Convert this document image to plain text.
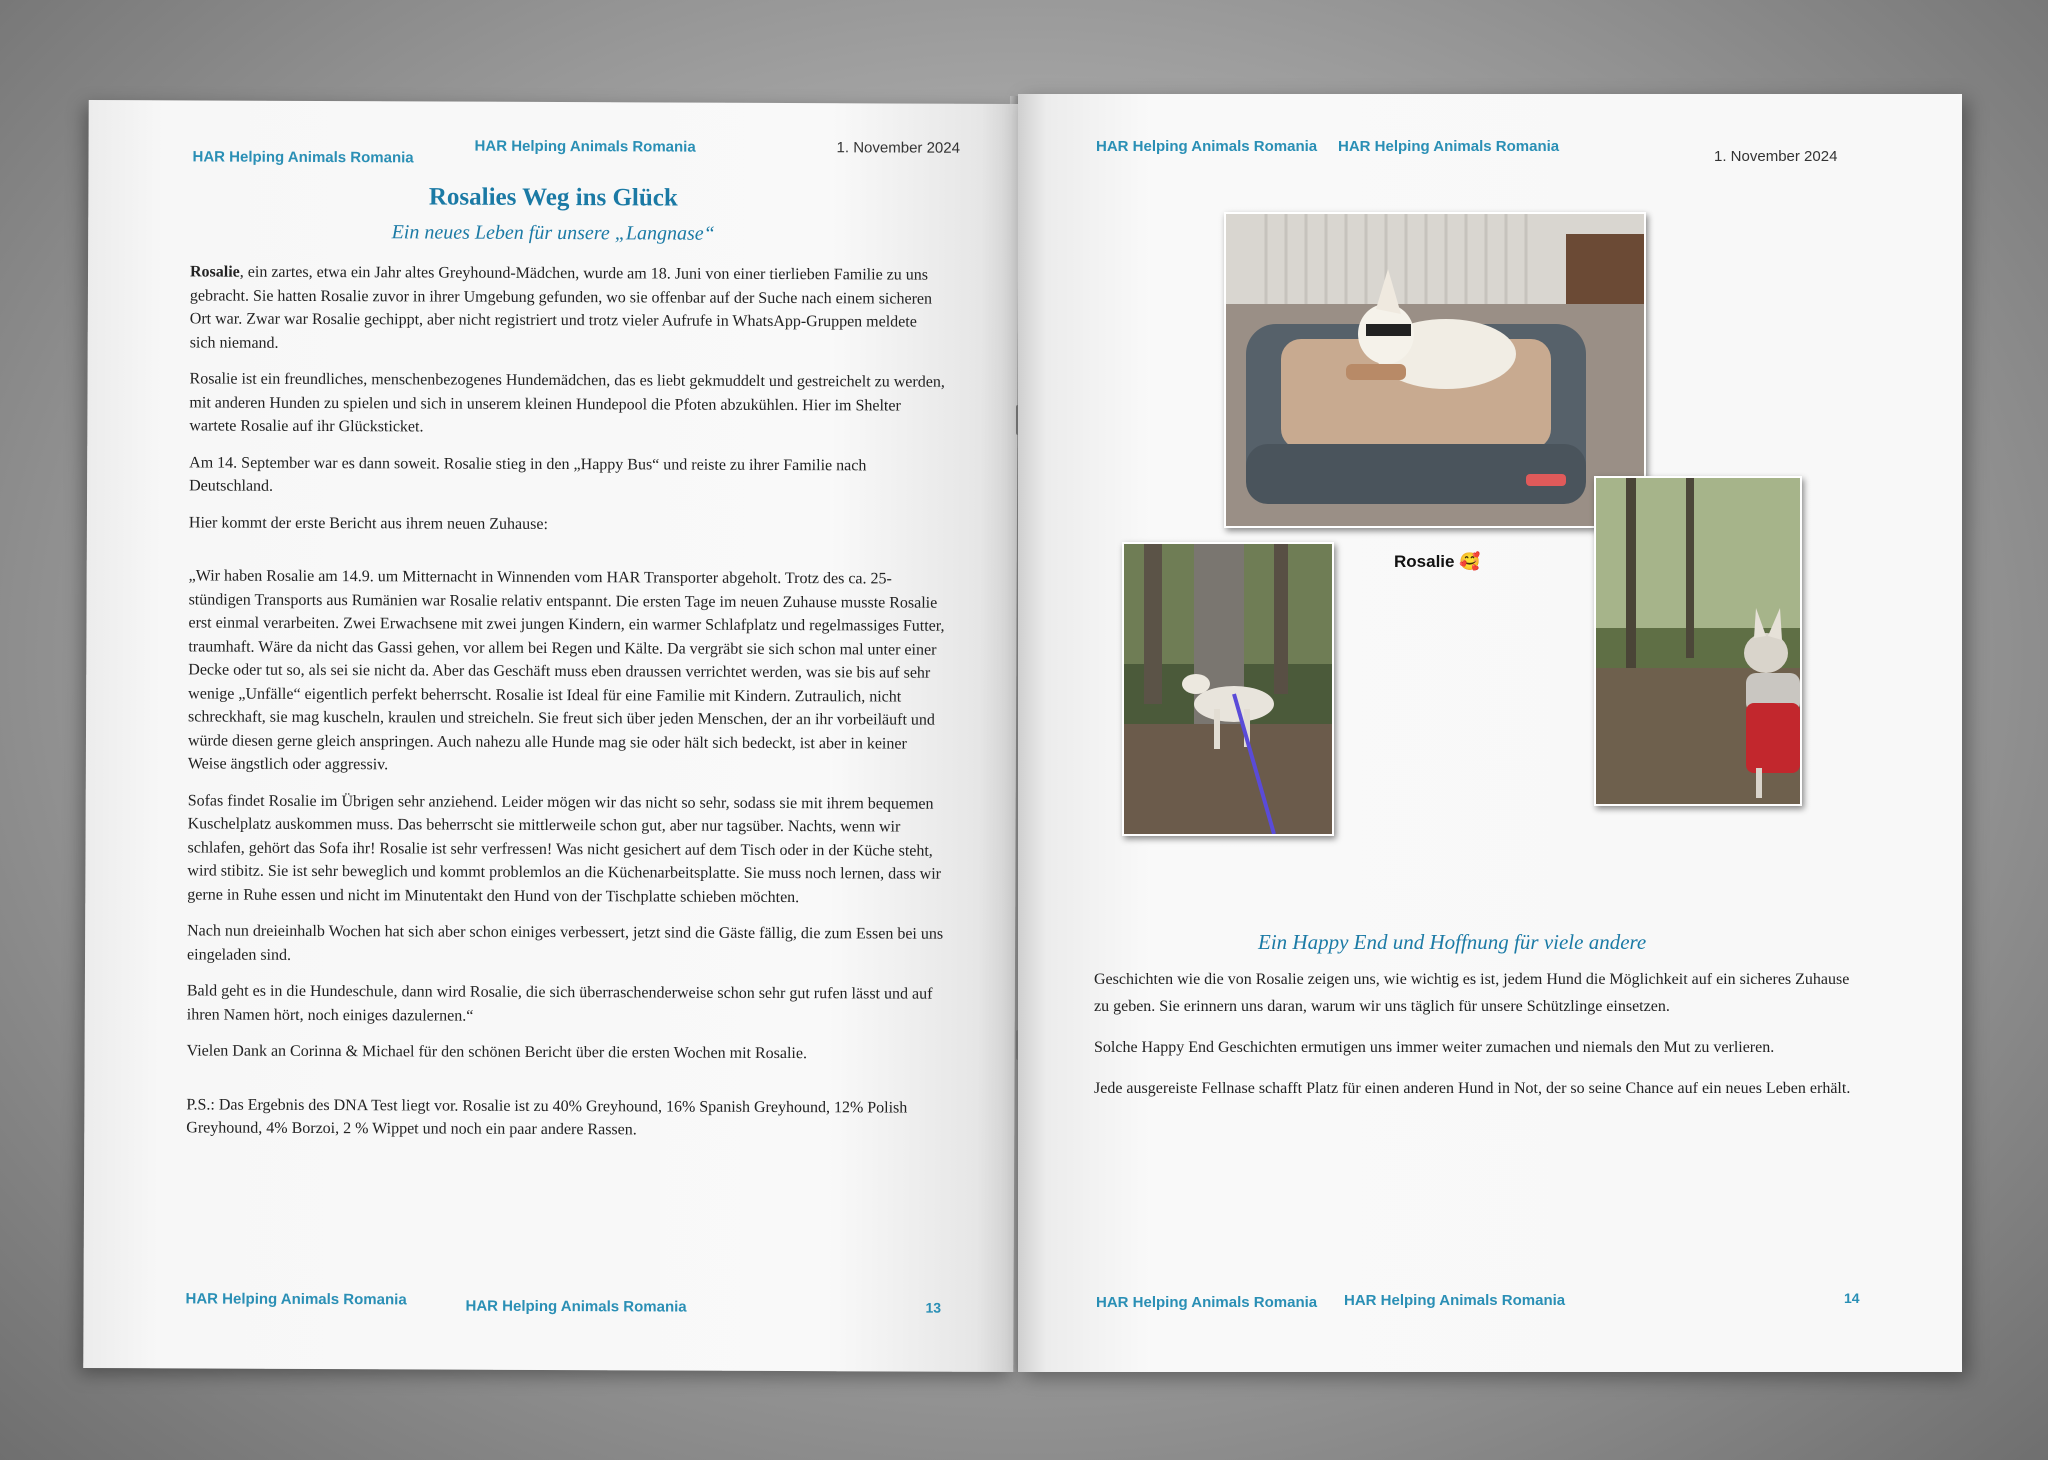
HAR Helping Animals Romania
HAR Helping Animals Romania	1. November 2024
Rosalies Weg ins Glück
Ein neues Leben für unsere „Langnase“

Rosalie, ein zartes, etwa ein Jahr altes Greyhound-Mädchen, wurde am 18. Juni von einer tierlieben Familie zu uns gebracht. Sie hatten Rosalie zuvor in ihrer Umgebung gefunden, wo sie offenbar auf der Suche nach einem sicheren Ort war. Zwar war Rosalie gechippt, aber nicht registriert und trotz vieler Aufrufe in WhatsApp-Gruppen meldete sich niemand.

Rosalie ist ein freundliches, menschenbezogenes Hundemädchen, das es liebt gekmuddelt und gestreichelt zu werden, mit anderen Hunden zu spielen und sich in unserem kleinen Hundepool die Pfoten abzukühlen. Hier im Shelter wartete Rosalie auf ihr Glücksticket.

Am 14. September war es dann soweit. Rosalie stieg in den „Happy Bus“ und reiste zu ihrer Familie nach Deutschland.

Hier kommt der erste Bericht aus ihrem neuen Zuhause:

„Wir haben Rosalie am 14.9. um Mitternacht in Winnenden vom HAR Transporter abgeholt. Trotz des ca. 25- stündigen Transports aus Rumänien war Rosalie relativ entspannt. Die ersten Tage im neuen Zuhause musste Rosalie erst einmal verarbeiten. Zwei Erwachsene mit zwei jungen Kindern, ein warmer Schlafplatz und regelmassiges Futter, traumhaft. Wäre da nicht das Gassi gehen, vor allem bei Regen und Kälte. Da vergräbt sie sich schon mal unter einer Decke oder tut so, als sei sie nicht da. Aber das Geschäft muss eben draussen verrichtet werden, was sie bis auf sehr wenige „Unfälle“ eigentlich perfekt beherrscht. Rosalie ist Ideal für eine Familie mit Kindern. Zutraulich, nicht schreckhaft, sie mag kuscheln, kraulen und streicheln. Sie freut sich über jeden Menschen, der an ihr vorbeiläuft und würde diesen gerne gleich anspringen. Auch nahezu alle Hunde mag sie oder hält sich bedeckt, ist aber in keiner Weise ängstlich oder aggressiv.

Sofas findet Rosalie im Übrigen sehr anziehend. Leider mögen wir das nicht so sehr, sodass sie mit ihrem bequemen Kuschelplatz auskommen muss. Das beherrscht sie mittlerweile schon gut, aber nur tagsüber. Nachts, wenn wir schlafen, gehört das Sofa ihr! Rosalie ist sehr verfressen! Was nicht gesichert auf dem Tisch oder in der Küche steht, wird stibitz. Sie ist sehr beweglich und kommt problemlos an die Küchenarbeitsplatte. Sie muss noch lernen, dass wir gerne in Ruhe essen und nicht im Minutentakt den Hund von der Tischplatte schieben möchten.

Nach nun dreieinhalb Wochen hat sich aber schon einiges verbessert, jetzt sind die Gäste fällig, die zum Essen bei uns eingeladen sind.

Bald geht es in die Hundeschule, dann wird Rosalie, die sich überraschenderweise schon sehr gut rufen lässt und auf ihren Namen hört, noch einiges dazulernen.“

Vielen Dank an Corinna & Michael für den schönen Bericht über die ersten Wochen mit Rosalie.

P.S.: Das Ergebnis des DNA Test liegt vor. Rosalie ist zu 40% Greyhound, 16% Spanish Greyhound, 12% Polish Greyhound, 4% Borzoi, 2 % Wippet und noch ein paar andere Rassen.

HAR Helping Animals Romania	HAR Helping Animals Romania	13
HAR Helping Animals Romania HAR Helping Animals Romania
1. November 2024
Rosalie 🥰
Ein Happy End und Hoffnung für viele andere

Geschichten wie die von Rosalie zeigen uns, wie wichtig es ist, jedem Hund die Möglichkeit auf ein sicheres Zuhause zu geben. Sie erinnern uns daran, warum wir uns täglich für unsere Schützlinge einsetzen.

Solche Happy End Geschichten ermutigen uns immer weiter zumachen und niemals den Mut zu verlieren.

Jede ausgereiste Fellnase schafft Platz für einen anderen Hund in Not, der so seine Chance auf ein neues Leben erhält.

HAR Helping Animals Romania HAR Helping Animals Romania	14
